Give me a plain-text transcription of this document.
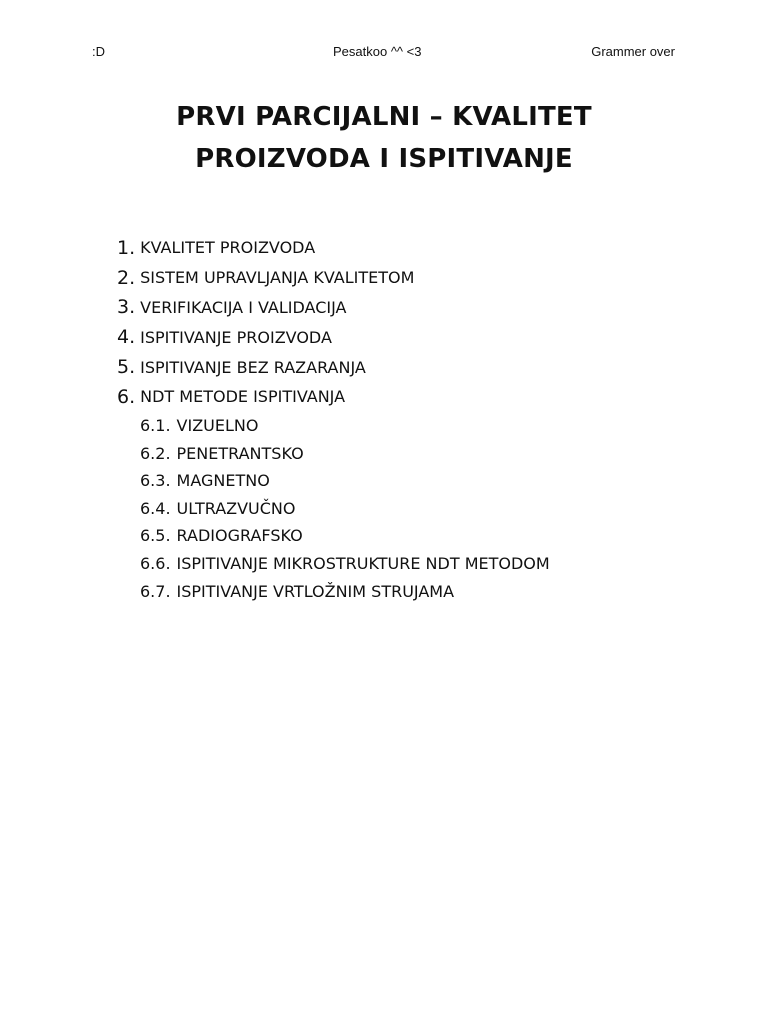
:D	Pesatkoo ^^ <3	Grammer over
PRVI PARCIJALNI – KVALITET
PROIZVODA I ISPITIVANJE
1. KVALITET PROIZVODA
2. SISTEM UPRAVLJANJA KVALITETOM
3. VERIFIKACIJA I VALIDACIJA
4. ISPITIVANJE PROIZVODA
5. ISPITIVANJE BEZ RAZARANJA
6. NDT METODE ISPITIVANJA
6.1. VIZUELNO
6.2. PENETRANTSKO
6.3. MAGNETNO
6.4. ULTRAZVUČNO
6.5. RADIOGRAFSKO
6.6. ISPITIVANJE MIKROSTRUKTURE NDT METODOM
6.7. ISPITIVANJE VRTLOŽNIM STRUJAMA
